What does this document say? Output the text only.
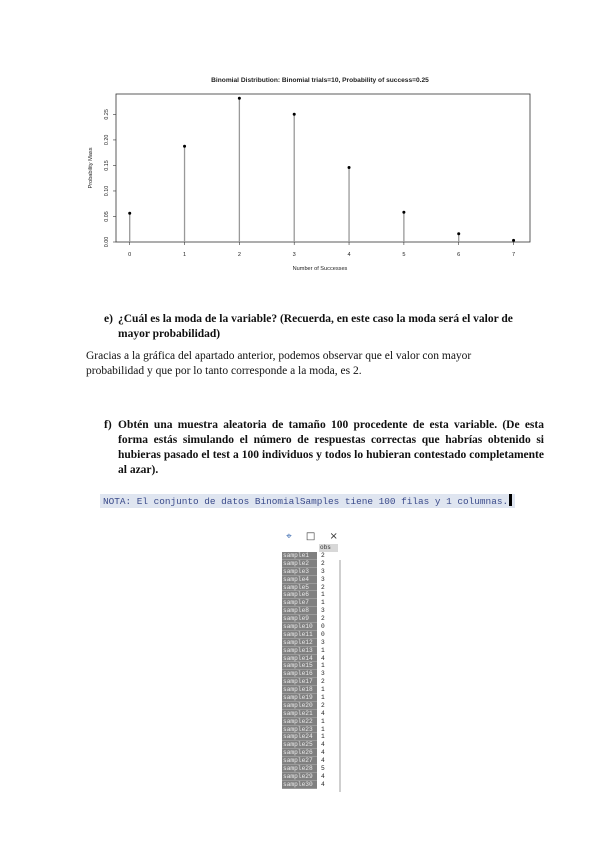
Binomial Distribution: Binomial trials=10, Probability of success=0.25
0	1	2	3	4	5	6	7
0.00
0.05
0.10
0.15
0.20
0.25
Number of Successes
Probability Mass
e) ¿Cuál es la moda de la variable? (Recuerda, en este caso la moda será el valor de mayor probabilidad)
Gracias a la gráfica del apartado anterior, podemos observar que el valor con mayor probabilidad y que por lo tanto corresponde a la moda, es 2.
f) Obtén una muestra aleatoria de tamaño 100 procedente de esta variable. (De esta forma estás simulando el número de respuestas correctas que habrías obtenido si hubieras pasado el test a 100 individuos y todos lo hubieran contestado completamente al azar).
NOTA: El conjunto de datos BinomialSamples tiene 100 filas y 1 columnas.
⌖ □ ×
obs
sample1	2
sample2	2
sample3	3
sample4	3
sample5	2
sample6	1
sample7	1
sample8	3
sample9	2
sample10	0
sample11	0
sample12	3
sample13	1
sample14	4
sample15	1
sample16	3
sample17	2
sample18	1
sample19	1
sample20	2
sample21	4
sample22	1
sample23	1
sample24	1
sample25	4
sample26	4
sample27	4
sample28	5
sample29	4
sample30	4
